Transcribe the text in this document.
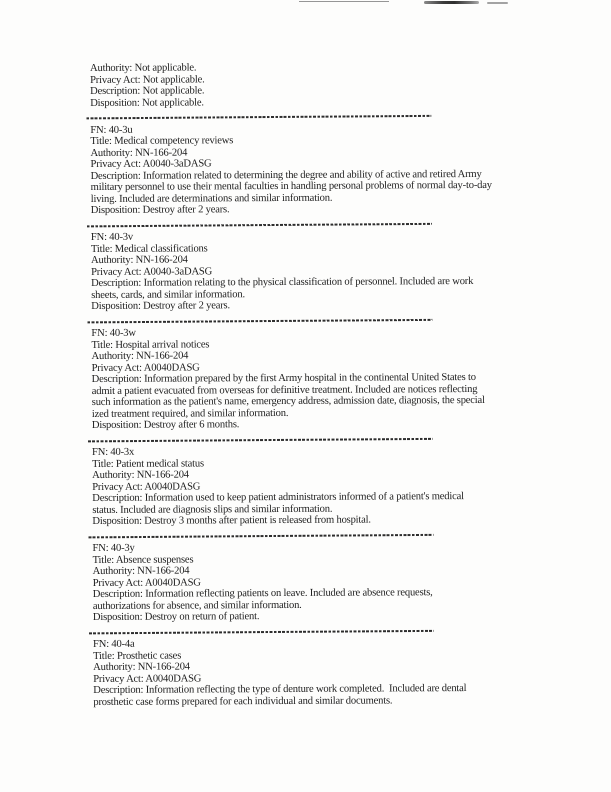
Authority: Not applicable.
Privacy Act: Not applicable.
Description: Not applicable.
Disposition: Not applicable.
FN: 40-3u
Title: Medical competency reviews
Authority: NN-166-204
Privacy Act: A0040-3aDASG
Description: Information related to determining the degree and ability of active and retired Army
military personnel to use their mental faculties in handling personal problems of normal day-to-day
living. Included are determinations and similar information.
Disposition: Destroy after 2 years.
FN: 40-3v
Title: Medical classifications
Authority: NN-166-204
Privacy Act: A0040-3aDASG
Description: Information relating to the physical classification of personnel. Included are work
sheets, cards, and similar information.
Disposition: Destroy after 2 years.
FN: 40-3w
Title: Hospital arrival notices
Authority: NN-166-204
Privacy Act: A0040DASG
Description: Information prepared by the first Army hospital in the continental United States to
admit a patient evacuated from overseas for definitive treatment. Included are notices reflecting
such information as the patient's name, emergency address, admission date, diagnosis, the special
ized treatment required, and similar information.
Disposition: Destroy after 6 months.
FN: 40-3x
Title: Patient medical status
Authority: NN-166-204
Privacy Act: A0040DASG
Description: Information used to keep patient administrators informed of a patient's medical
status. Included are diagnosis slips and similar information.
Disposition: Destroy 3 months after patient is released from hospital.
FN: 40-3y
Title: Absence suspenses
Authority: NN-166-204
Privacy Act: A0040DASG
Description: Information reflecting patients on leave. Included are absence requests,
authorizations for absence, and similar information.
Disposition: Destroy on return of patient.
FN: 40-4a
Title: Prosthetic cases
Authority: NN-166-204
Privacy Act: A0040DASG
Description: Information reflecting the type of denture work completed.  Included are dental
prosthetic case forms prepared for each individual and similar documents.
